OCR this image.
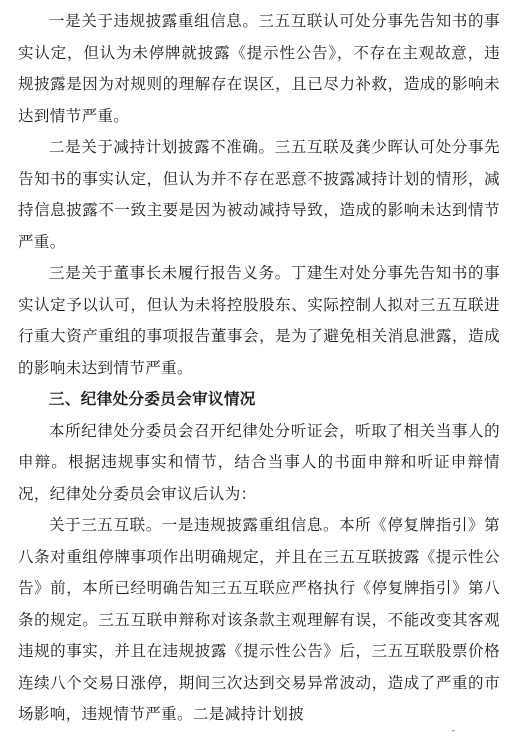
一是关于违规披露重组信息。三五互联认可处分事先告知书的事实认定，但认为未停牌就披露《提示性公告》，不存在主观故意，违规披露是因为对规则的理解存在误区，且已尽力补救，造成的影响未达到情节严重。

二是关于减持计划披露不准确。三五互联及龚少晖认可处分事先告知书的事实认定，但认为并不存在恶意不披露减持计划的情形，减持信息披露不一致主要是因为被动减持导致，造成的影响未达到情节严重。

三是关于董事长未履行报告义务。丁建生对处分事先告知书的事实认定予以认可，但认为未将控股股东、实际控制人拟对三五互联进行重大资产重组的事项报告董事会，是为了避免相关消息泄露，造成的影响未达到情节严重。

三、纪律处分委员会审议情况

本所纪律处分委员会召开纪律处分听证会，听取了相关当事人的申辩。根据违规事实和情节，结合当事人的书面申辩和听证申辩情况，纪律处分委员会审议后认为：

关于三五互联。一是违规披露重组信息。本所《停复牌指引》第八条对重组停牌事项作出明确规定，并且在三五互联披露《提示性公告》前，本所已经明确告知三五互联应严格执行《停复牌指引》第八条的规定。三五互联申辩称对该条款主观理解有误，不能改变其客观违规的事实，并且在违规披露《提示性公告》后，三五互联股票价格连续八个交易日涨停，期间三次达到交易异常波动，造成了严重的市场影响，违规情节严重。二是减持计划披

ˉ
